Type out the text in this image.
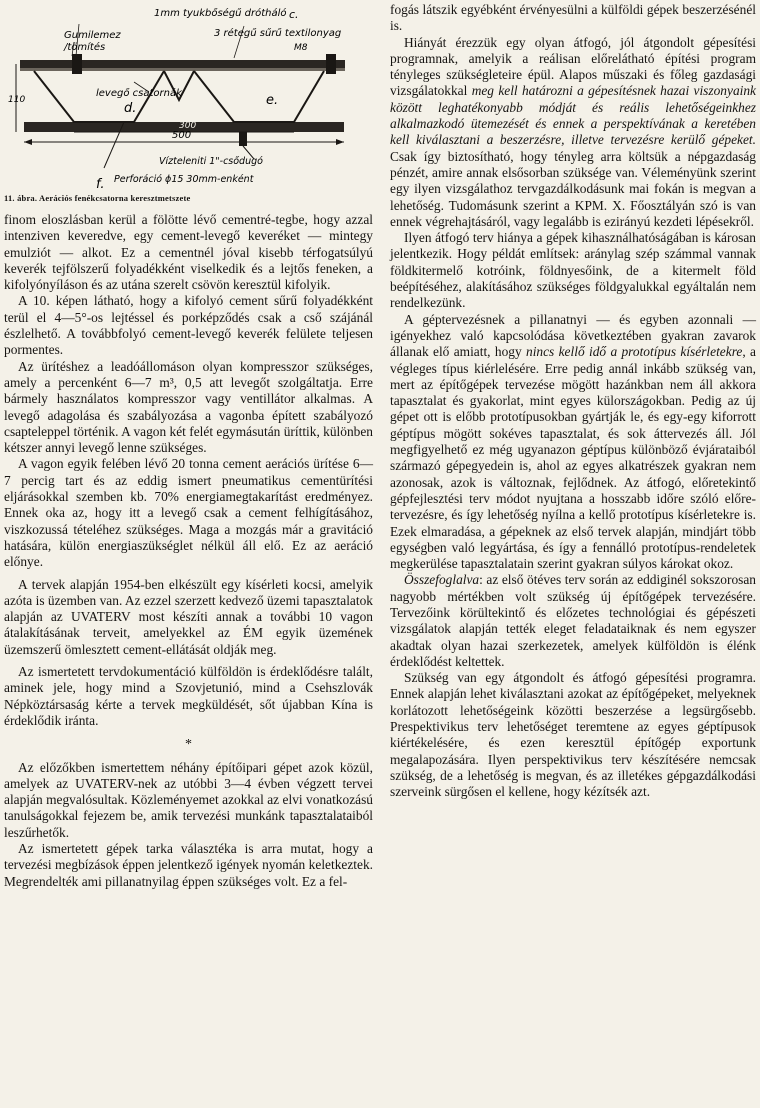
1mm tyukbőségű drótháló c.
3 rétegű sűrű textilonyag
Gumilemez
/tömítés	M8
levegő csatornák
d.
e.
110
500
300
Vízteleniti 1"-csődugó
Perforáció ϕ15 30mm-enként
f.
11. ábra. Aerációs fenékcsatorna keresztmetszete

finom eloszlásban kerül a fölötte lévő cementré-tegbe, hogy azzal intenziven keveredve, egy cement-levegő keveréket — mintegy emulziót — alkot. Ez a cementnél jóval kisebb térfogatsúlyú keverék tejfölszerű folyadékként viselkedik és a lejtős feneken, a kifolyónyíláson és az utána szerelt csövön keresztül kifolyik.

A 10. képen látható, hogy a kifolyó cement sűrű folyadékként terül el 4—5°-os lejtéssel és porképződés csak a cső szájánál észlelhető. A továbbfolyó cement-levegő keverék felülete teljesen pormentes.

Az ürítéshez a leadóállomáson olyan kompresszor szükséges, amely a percenként 6—7 m³, 0,5 att levegőt szolgáltatja. Erre bármely használatos kompresszor vagy ventillátor alkalmas. A levegő adagolása és szabályozása a vagonba épített szabályozó csapteleppel történik. A vagon két felét egymásután üríttik, különben kétszer annyi levegő lenne szükséges.

A vagon egyik felében lévő 20 tonna cement aerációs ürítése 6—7 percig tart és az eddig ismert pneumatikus cementürítési eljárásokkal szemben kb. 70% energiamegtakarítást eredményez. Ennek oka az, hogy itt a levegő csak a cement felhígításához, viszkozussá tételéhez szükséges. Maga a mozgás már a gravitáció hatására, külön energiaszükséglet nélkül áll elő. Ez az aeráció előnye.

A tervek alapján 1954-ben elkészült egy kísérleti kocsi, amelyik azóta is üzemben van. Az ezzel szerzett kedvező üzemi tapasztalatok alapján az UVATERV most készíti annak a további 10 vagon átalakításának terveit, amelyekkel az ÉM egyik üzemének üzemszerű ömlesztett cement-ellátását oldják meg.

Az ismertetett tervdokumentáció külföldön is érdeklődésre talált, aminek jele, hogy mind a Szovjetunió, mind a Csehszlovák Népköztársaság kérte a tervek megküldését, sőt újabban Kína is érdeklődik iránta.

*

Az előzőkben ismertettem néhány építőipari gépet azok közül, amelyek az UVATERV-nek az utóbbi 3—4 évben végzett tervei alapján megvalósultak. Közleményemet azokkal az elvi vonatkozású tanulságokkal fejezem be, amik tervezési munkánk tapasztalataiból leszűrhetők.

Az ismertetett gépek tarka választéka is arra mutat, hogy a tervezési megbízások éppen jelentkező igények nyomán keletkeztek. Megrendelték ami pillanatnyilag éppen szükséges volt. Ez a fel-

fogás látszik egyébként érvényesülni a külföldi gépek beszerzésénél is.

Hiányát érezzük egy olyan átfogó, jól átgondolt gépesítési programnak, amelyik a reálisan előrelátható építési program tényleges szükségleteire épül. Alapos műszaki és főleg gazdasági vizsgálatokkal meg kell határozni a gépesítésnek hazai viszonyaink között leghatékonyabb módját és reális lehetőségeinkhez alkalmazkodó ütemezését és ennek a perspektívának a keretében kell kiválasztani a beszerzésre, illetve tervezésre kerülő gépeket. Csak így biztosítható, hogy tényleg arra költsük a népgazdaság pénzét, amire annak elsősorban szüksége van. Véleményünk szerint egy ilyen vizsgálathoz tervgazdálkodásunk mai fokán is megvan a lehetőség. Tudomásunk szerint a KPM. X. Főosztályán szó is van ennek végrehajtásáról, vagy legalább is ezirányú kezdeti lépésekről.

Ilyen átfogó terv hiánya a gépek kihasználhatóságában is károsan jelentkezik. Hogy példát említsek: aránylag szép számmal vannak földkitermelő kotróink, földnyesőink, de a kitermelt föld beépítéséhez, alakításához szükséges földgyalukkal egyáltalán nem rendelkezünk.

A géptervezésnek a pillanatnyi — és egyben azonnali — igényekhez való kapcsolódása következtében gyakran zavarok állanak elő amiatt, hogy nincs kellő idő a prototípus kísérletekre, a végleges típus kiérlelésére. Erre pedig annál inkább szükség van, mert az építőgépek tervezése mögött hazánkban nem áll akkora tapasztalat és gyakorlat, mint egyes külországokban. Pedig az új gépet ott is előbb prototípusokban gyártják le, és egy-egy kiforrott géptípus mögött sokéves tapasztalat, és sok áttervezés áll. Jól megfigyelhető ez még ugyanazon géptípus különböző évjárataiból származó gépegyedein is, ahol az egyes alkatrészek gyakran nem azonosak, azok is változnak, fejlődnek. Az átfogó, előretekintő gépfejlesztési terv módot nyujtana a hosszabb időre szóló előre-tervezésre, és így lehetőség nyílna a kellő prototípus kísérletekre is. Ezek elmaradása, a gépeknek az első tervek alapján, mindjárt több egységben való legyártása, és így a fennálló prototípus-rendeletek megkerülése tapasztalatain szerint gyakran súlyos károkat okoz.

Összefoglalva: az első ötéves terv során az eddiginél sokszorosan nagyobb mértékben volt szükség új építőgépek tervezésére. Tervezőink körültekintő és előzetes technológiai és gépészeti vizsgálatok alapján tették eleget feladataiknak és nem egyszer akadtak olyan hazai szerkezetek, amelyek külföldön is élénk érdeklődést keltettek.

Szükség van egy átgondolt és átfogó gépesítési programra. Ennek alapján lehet kiválasztani azokat az építőgépeket, melyeknek korlátozott lehetőségeink közötti beszerzése a legsürgősebb. Prespektivikus terv lehetőséget teremtene az egyes géptípusok kiértékelésére, és ezen keresztül építőgép exportunk megalapozására. Ilyen perspektivikus terv készítésére nemcsak szükség, de a lehetőség is megvan, és az illetékes gépgazdálkodási szerveink sürgősen el kellene, hogy kézítsék azt.
